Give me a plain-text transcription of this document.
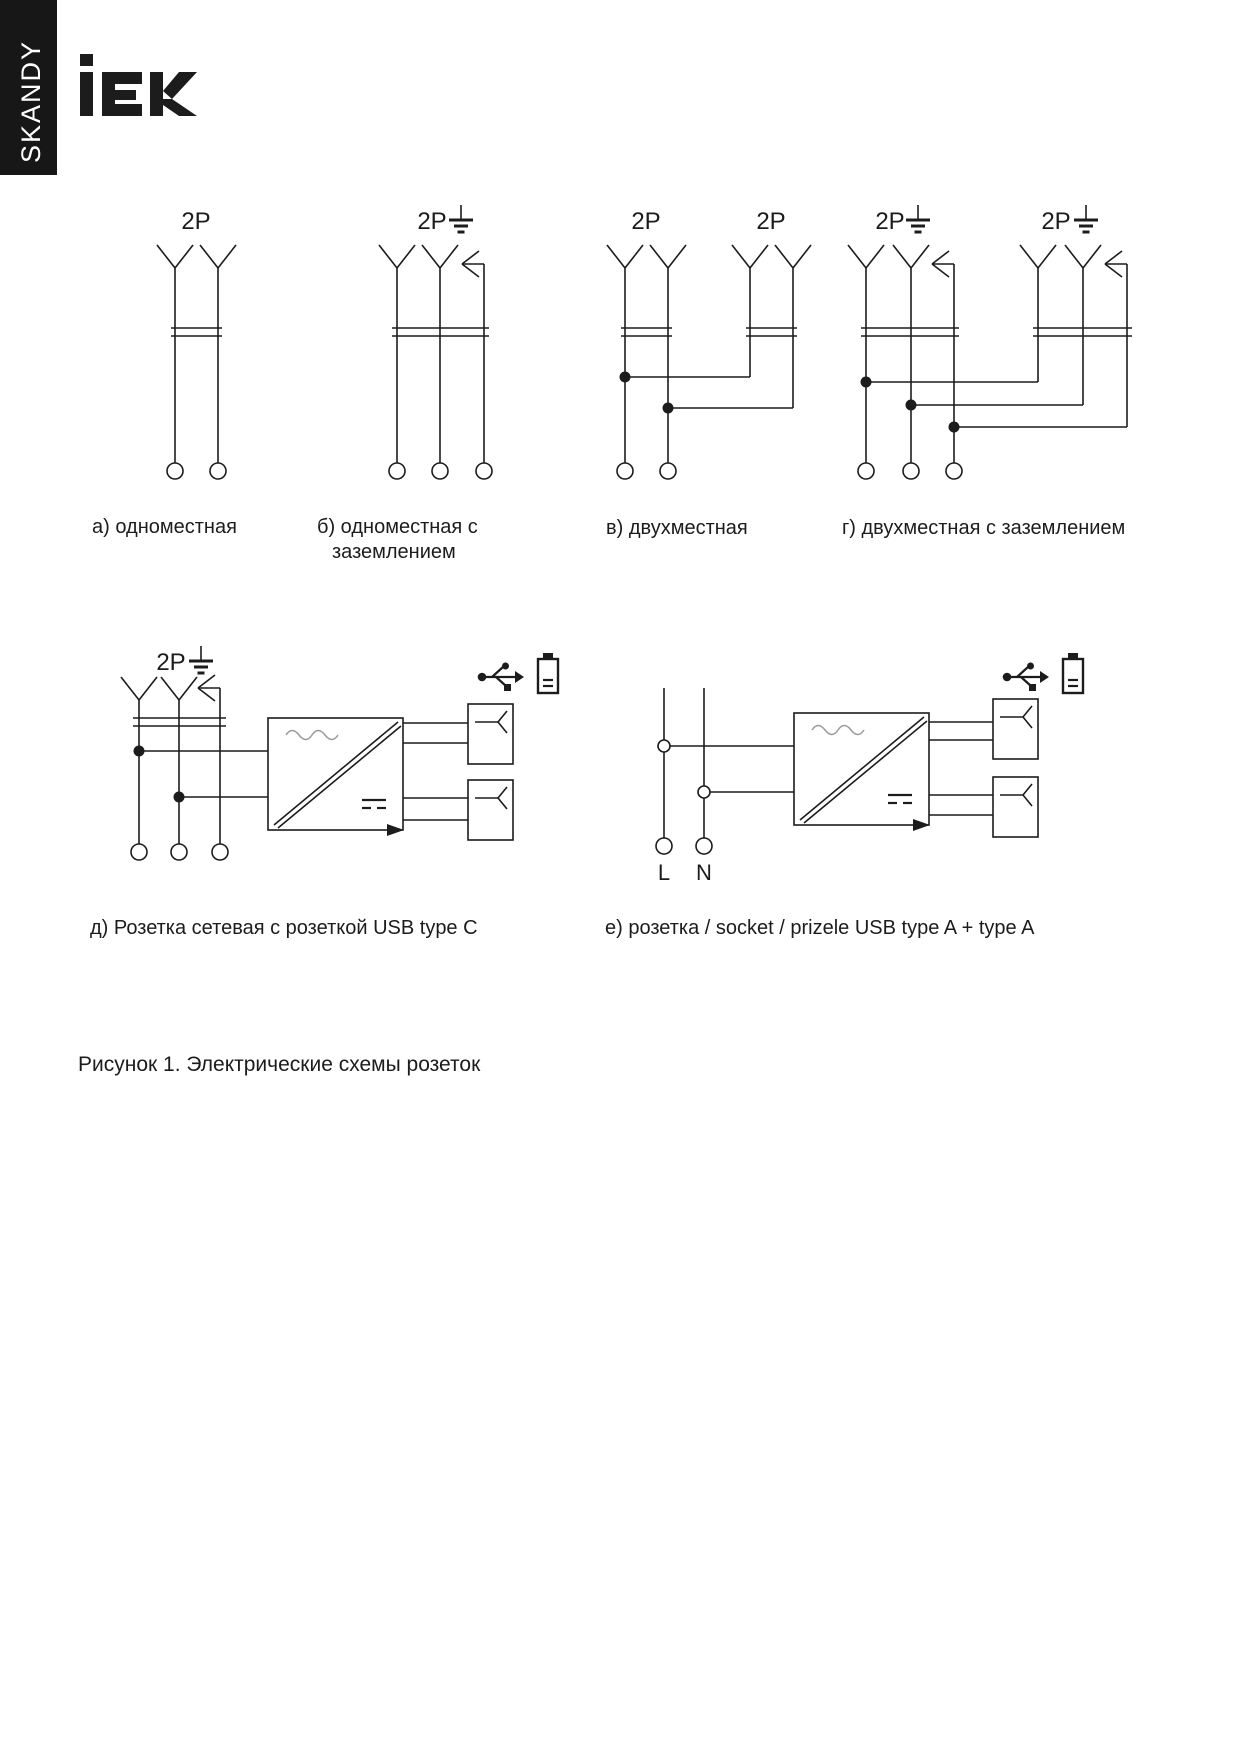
SKANDY
2P
а) одноместная
2P
б) одноместная с
заземлением
2P	2P
в) двухместная
2P	2P
г) двухместная с заземлением
2P
д) Розетка сетевая с розеткой USB type C
L N
е) розетка / socket / prizele USB type A + type A
Рисунок 1. Электрические схемы розеток
